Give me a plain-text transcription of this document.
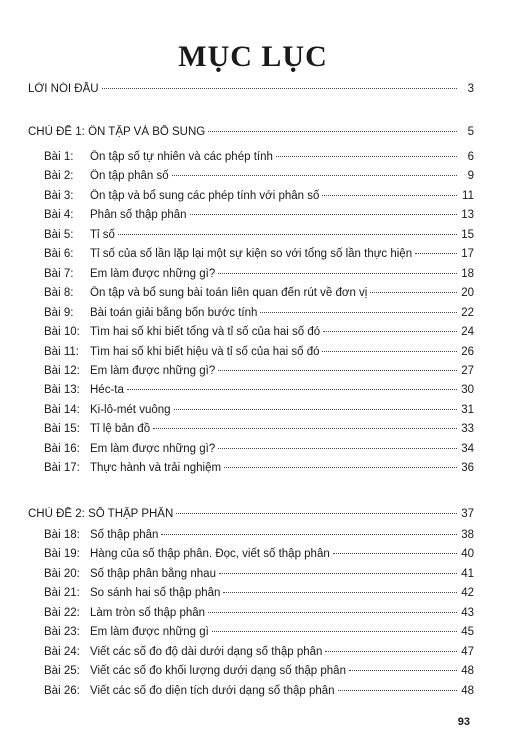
MỤC LỤC
LỜI NÓI ĐẦU	3
CHỦ ĐỀ 1: ÔN TẬP VÀ BỔ SUNG	5
Bài 1:	Ôn tập số tự nhiên và các phép tính	6
Bài 2:	Ôn tập phân số	9
Bài 3:	Ôn tập và bổ sung các phép tính với phân số	11
Bài 4:	Phân số thập phân	13
Bài 5:	Tỉ số	15
Bài 6:	Tỉ số của số lần lặp lại một sự kiện so với tổng số lần thực hiện	17
Bài 7:	Em làm được những gì?	18
Bài 8:	Ôn tập và bổ sung bài toán liên quan đến rút về đơn vị	20
Bài 9:	Bài toán giải bằng bốn bước tính	22
Bài 10: Tìm hai số khi biết tổng và tỉ số của hai số đó	24
Bài 11: Tìm hai số khi biết hiệu và tỉ số của hai số đó	26
Bài 12: Em làm được những gì?	27
Bài 13: Héc-ta	30
Bài 14: Ki-lô-mét vuông	31
Bài 15: Tỉ lệ bản đồ	33
Bài 16: Em làm được những gì?	34
Bài 17: Thực hành và trải nghiệm	36
CHỦ ĐỀ 2: SỐ THẬP PHÂN	37
Bài 18: Số thập phân	38
Bài 19: Hàng của số thập phân. Đọc, viết số thập phân	40
Bài 20: Số thập phân bằng nhau	41
Bài 21: So sánh hai số thập phân	42
Bài 22: Làm tròn số thập phân	43
Bài 23: Em làm được những gì	45
Bài 24: Viết các số đo độ dài dưới dạng số thập phân	47
Bài 25: Viết các số đo khối lượng dưới dạng số thập phân	48
Bài 26: Viết các số đo diện tích dưới dạng số thập phân	48
93
